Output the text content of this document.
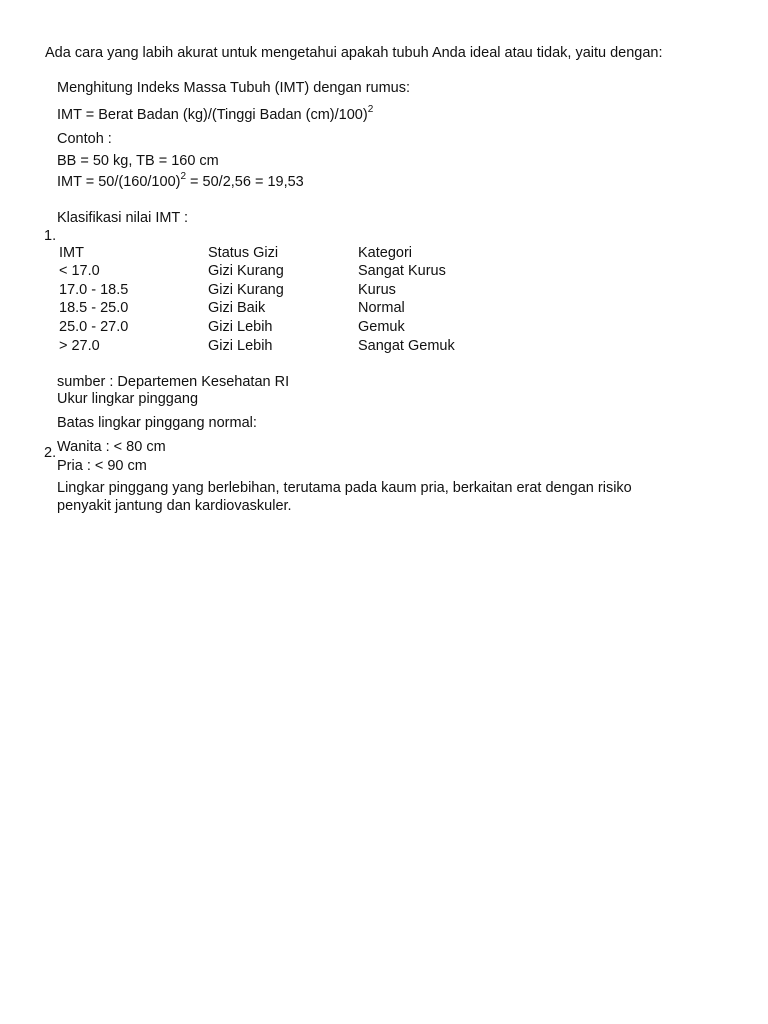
Ada cara yang labih akurat untuk mengetahui apakah tubuh Anda ideal atau tidak, yaitu dengan:
Menghitung Indeks Massa Tubuh (IMT) dengan rumus:
IMT = Berat Badan (kg)/(Tinggi Badan (cm)/100)$^2$
Contoh :
BB = 50 kg, TB = 160 cm
IMT = $50/(160/100)^2 = 50/2,56 = 19,53$
Klasifikasi nilai IMT :
1.
IMT	Status Gizi	Kategori
< 17.0	Gizi Kurang	Sangat Kurus
17.0 - 18.5	Gizi Kurang	Kurus
18.5 - 25.0	Gizi Baik	Normal
25.0 - 27.0	Gizi Lebih	Gemuk
> 27.0	Gizi Lebih	Sangat Gemuk
sumber : Departemen Kesehatan RI
Ukur lingkar pinggang
Batas lingkar pinggang normal:
2. Wanita : < 80 cm
Pria : < 90 cm
Lingkar pinggang yang berlebihan, terutama pada kaum pria, berkaitan erat dengan risiko
penyakit jantung dan kardiovaskuler.
